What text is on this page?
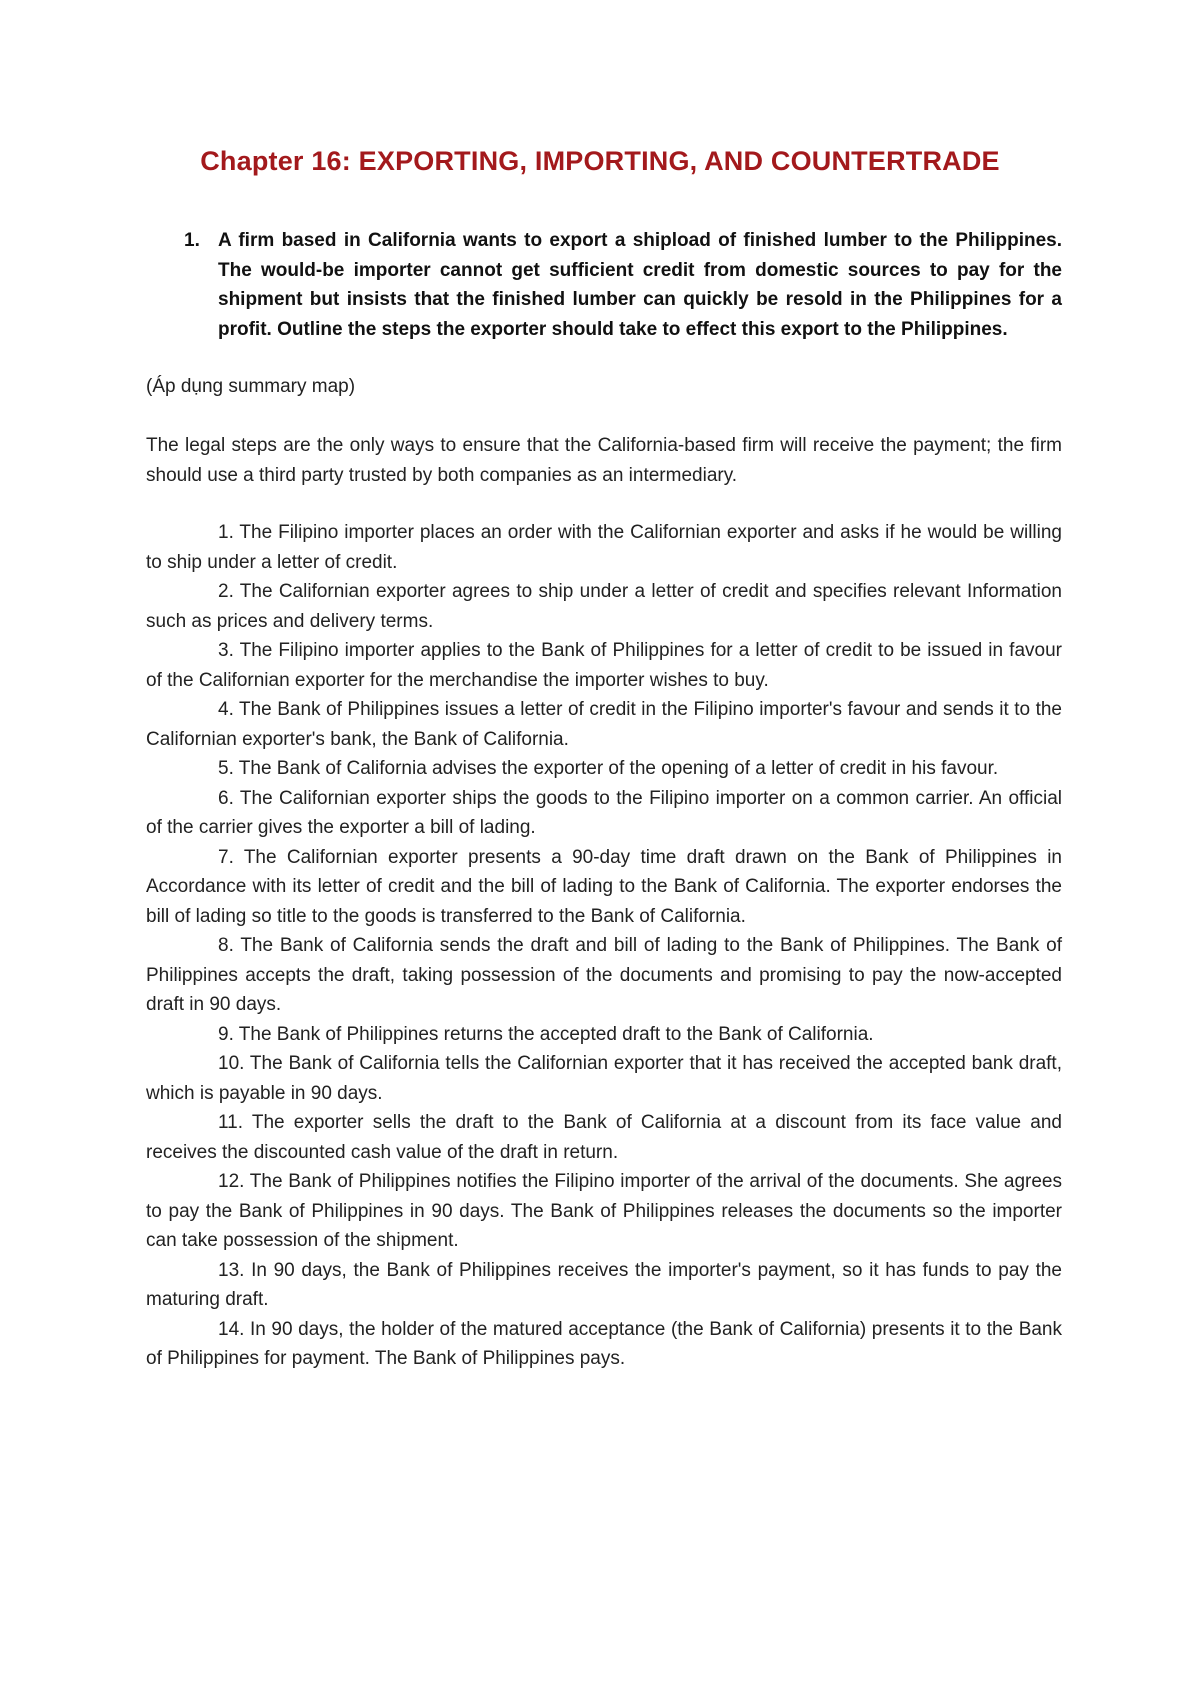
Chapter 16: EXPORTING, IMPORTING, AND COUNTERTRADE
1. A firm based in California wants to export a shipload of finished lumber to the Philippines. The would-be importer cannot get sufficient credit from domestic sources to pay for the shipment but insists that the finished lumber can quickly be resold in the Philippines for a profit. Outline the steps the exporter should take to effect this export to the Philippines.

(Áp dụng summary map)

The legal steps are the only ways to ensure that the California-based firm will receive the payment; the firm should use a third party trusted by both companies as an intermediary.

1. The Filipino importer places an order with the Californian exporter and asks if he would be willing to ship under a letter of credit.
2. The Californian exporter agrees to ship under a letter of credit and specifies relevant Information such as prices and delivery terms.
3. The Filipino importer applies to the Bank of Philippines for a letter of credit to be issued in favour of the Californian exporter for the merchandise the importer wishes to buy.
4. The Bank of Philippines issues a letter of credit in the Filipino importer's favour and sends it to the Californian exporter's bank, the Bank of California.
5. The Bank of California advises the exporter of the opening of a letter of credit in his favour.
6. The Californian exporter ships the goods to the Filipino importer on a common carrier. An official of the carrier gives the exporter a bill of lading.
7. The Californian exporter presents a 90-day time draft drawn on the Bank of Philippines in Accordance with its letter of credit and the bill of lading to the Bank of California. The exporter endorses the bill of lading so title to the goods is transferred to the Bank of California.
8. The Bank of California sends the draft and bill of lading to the Bank of Philippines. The Bank of Philippines accepts the draft, taking possession of the documents and promising to pay the now-accepted draft in 90 days.
9. The Bank of Philippines returns the accepted draft to the Bank of California.
10. The Bank of California tells the Californian exporter that it has received the accepted bank draft, which is payable in 90 days.
11. The exporter sells the draft to the Bank of California at a discount from its face value and receives the discounted cash value of the draft in return.
12. The Bank of Philippines notifies the Filipino importer of the arrival of the documents. She agrees to pay the Bank of Philippines in 90 days. The Bank of Philippines releases the documents so the importer can take possession of the shipment.
13. In 90 days, the Bank of Philippines receives the importer's payment, so it has funds to pay the maturing draft.
14. In 90 days, the holder of the matured acceptance (the Bank of California) presents it to the Bank of Philippines for payment. The Bank of Philippines pays.
